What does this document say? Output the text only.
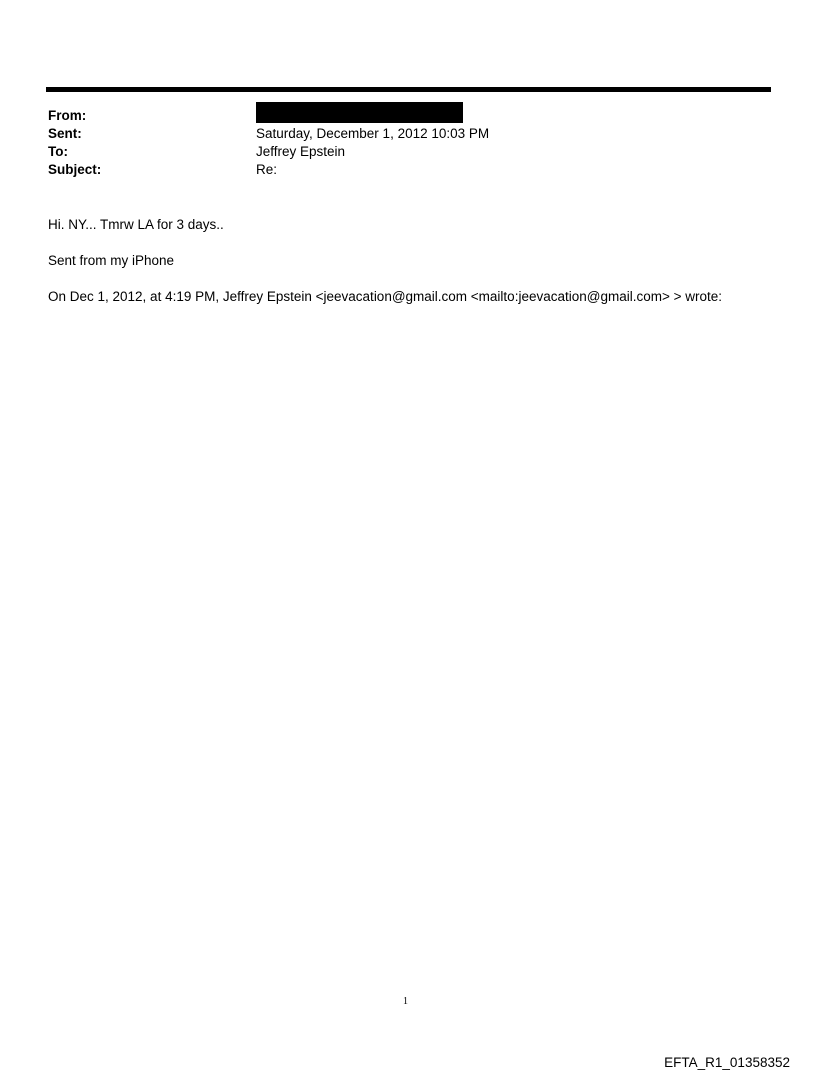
From:
Sent:	Saturday, December 1, 2012 10:03 PM
To:	Jeffrey Epstein
Subject:	Re:
Hi. NY... Tmrw LA for 3 days..
Sent from my iPhone
On Dec 1, 2012, at 4:19 PM, Jeffrey Epstein <jeevacation@gmail.com <mailto:jeevacation@gmail.com> > wrote:
1
EFTA_R1_01358352
